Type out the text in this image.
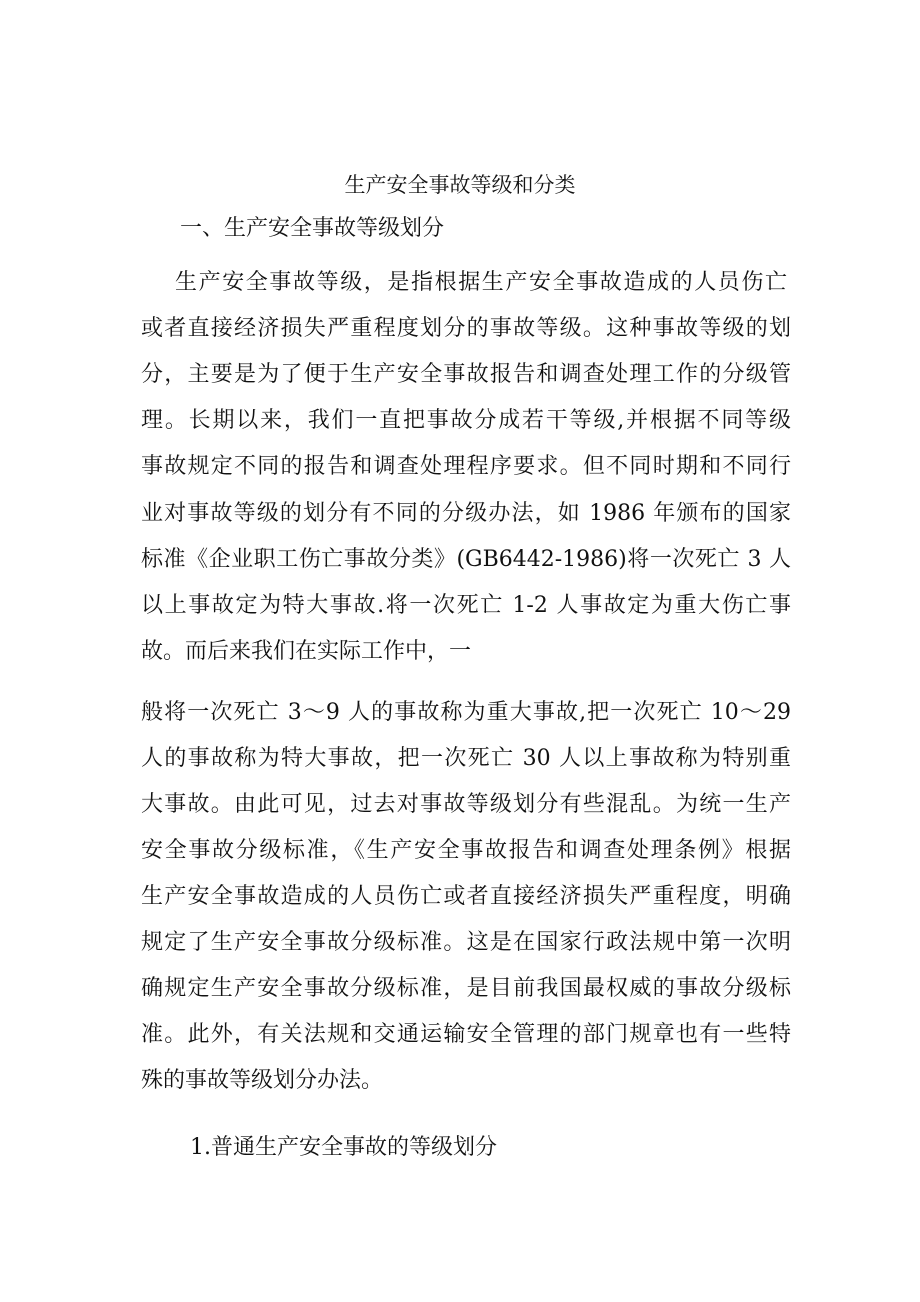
生产安全事故等级和分类
一、生产安全事故等级划分
生产安全事故等级，是指根据生产安全事故造成的人员伤亡
或者直接经济损失严重程度划分的事故等级。这种事故等级的划
分，主要是为了便于生产安全事故报告和调查处理工作的分级管
理。长期以来，我们一直把事故分成若干等级,并根据不同等级
事故规定不同的报告和调查处理程序要求。但不同时期和不同行
业对事故等级的划分有不同的分级办法，如 1986 年颁布的国家
标准《企业职工伤亡事故分类》(GB6442-1986)将一次死亡 3 人
以上事故定为特大事故.将一次死亡 1-2 人事故定为重大伤亡事
故。而后来我们在实际工作中，一
般将一次死亡 3～9 人的事故称为重大事故,把一次死亡 10～29
人的事故称为特大事故，把一次死亡 30 人以上事故称为特别重
大事故。由此可见，过去对事故等级划分有些混乱。为统一生产
安全事故分级标准，《生产安全事故报告和调查处理条例》根据
生产安全事故造成的人员伤亡或者直接经济损失严重程度，明确
规定了生产安全事故分级标准。这是在国家行政法规中第一次明
确规定生产安全事故分级标准，是目前我国最权威的事故分级标
准。此外，有关法规和交通运输安全管理的部门规章也有一些特
殊的事故等级划分办法。
1.普通生产安全事故的等级划分
